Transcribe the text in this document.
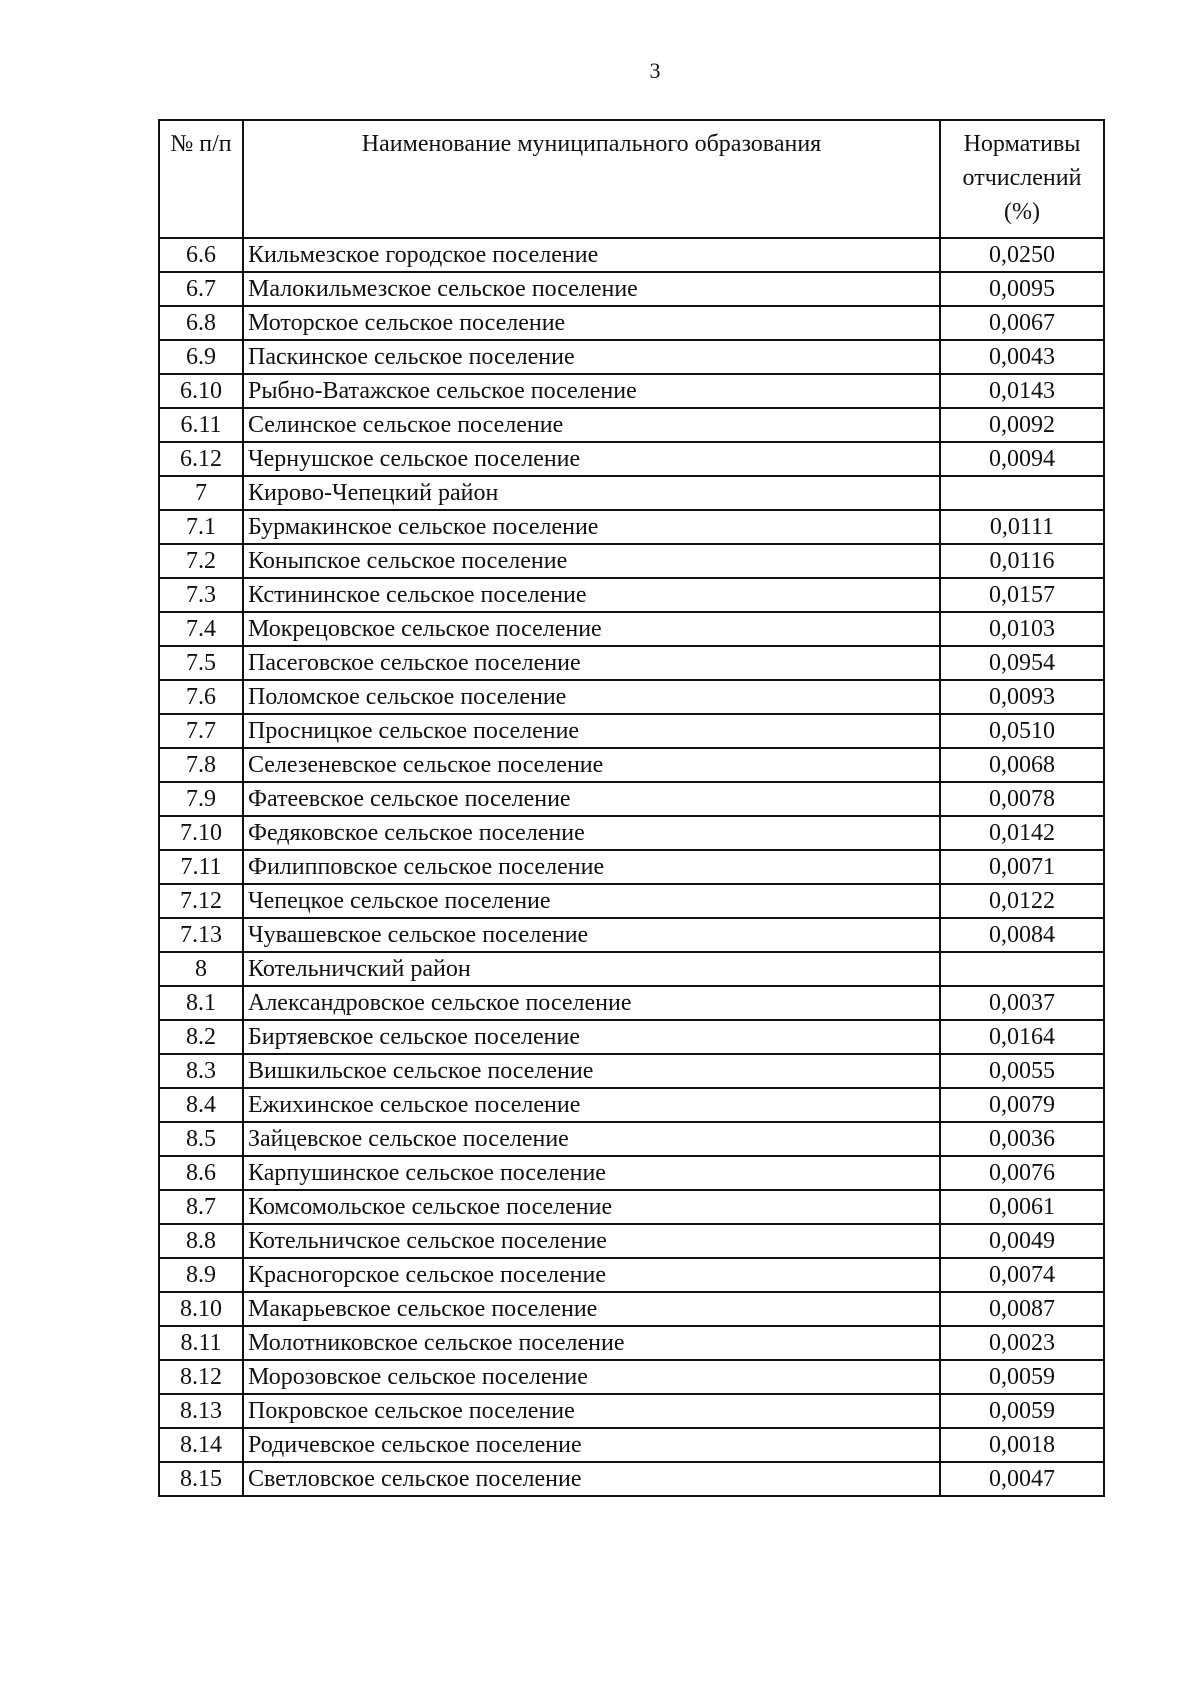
3
№ п/п	Наименование муниципального образования	Нормативы отчислений (%)
6.6	Кильмезское городское поселение	0,0250
6.7	Малокильмезское сельское поселение	0,0095
6.8	Моторское сельское поселение	0,0067
6.9	Паскинское сельское поселение	0,0043
6.10	Рыбно-Ватажское сельское поселение	0,0143
6.11	Селинское сельское поселение	0,0092
6.12	Чернушское сельское поселение	0,0094
7	Кирово-Чепецкий район	
7.1	Бурмакинское сельское поселение	0,0111
7.2	Коныпское сельское поселение	0,0116
7.3	Кстининское сельское поселение	0,0157
7.4	Мокрецовское сельское поселение	0,0103
7.5	Пасеговское сельское поселение	0,0954
7.6	Поломское сельское поселение	0,0093
7.7	Просницкое сельское поселение	0,0510
7.8	Селезеневское сельское поселение	0,0068
7.9	Фатеевское сельское поселение	0,0078
7.10	Федяковское сельское поселение	0,0142
7.11	Филипповское сельское поселение	0,0071
7.12	Чепецкое сельское поселение	0,0122
7.13	Чувашевское сельское поселение	0,0084
8	Котельничский район	
8.1	Александровское сельское поселение	0,0037
8.2	Биртяевское сельское поселение	0,0164
8.3	Вишкильское сельское поселение	0,0055
8.4	Ежихинское сельское поселение	0,0079
8.5	Зайцевское сельское поселение	0,0036
8.6	Карпушинское сельское поселение	0,0076
8.7	Комсомольское сельское поселение	0,0061
8.8	Котельничское сельское поселение	0,0049
8.9	Красногорское сельское поселение	0,0074
8.10	Макарьевское сельское поселение	0,0087
8.11	Молотниковское сельское поселение	0,0023
8.12	Морозовское сельское поселение	0,0059
8.13	Покровское сельское поселение	0,0059
8.14	Родичевское сельское поселение	0,0018
8.15	Светловское сельское поселение	0,0047
